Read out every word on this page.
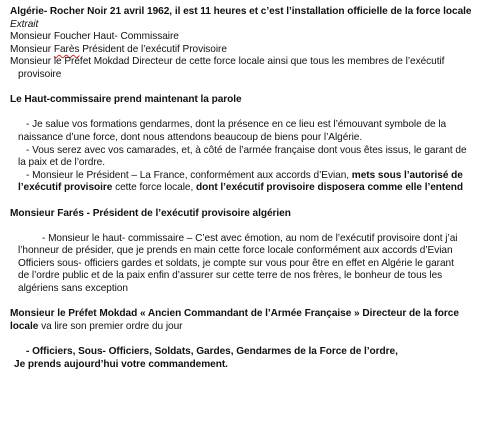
Algérie- Rocher Noir 21 avril 1962, il est 11 heures et c’est l’installation officielle de la force locale
Extrait
Monsieur Foucher Haut- Commissaire
Monsieur Farès Président de l’exécutif Provisoire
Monsieur le Préfet Mokdad Directeur de cette force locale ainsi que tous les membres de l’exécutif
provisoire
Le Haut-commissaire prend maintenant la parole
- Je salue vos formations gendarmes, dont la présence en ce lieu est l’émouvant symbole de la
naissance d’une force, dont nous attendons beaucoup de biens pour l’Algérie.
- Vous serez avec vos camarades, et, à côté de l’armée française dont vous êtes issus, le garant de
la paix et de l’ordre.
- Monsieur le Président – La France, conformément aux accords d’Evian, mets sous l’autorisé de
l’exécutif provisoire cette force locale, dont l’exécutif provisoire disposera comme elle l’entend
Monsieur Farés - Président de l’exécutif provisoire algérien
- Monsieur le haut- commissaire – C’est avec émotion, au nom de l’exécutif provisoire dont j’ai
l’honneur de présider, que je prends en main cette force locale conformément aux accords d’Evian
Officiers sous- officiers gardes et soldats, je compte sur vous pour être en effet en Algérie le garant
de l’ordre public et de la paix enfin d’assurer sur cette terre de nos frères, le bonheur de tous les
algériens sans exception
Monsieur le Préfet Mokdad « Ancien Commandant de l’Armée Française » Directeur de la force
locale va lire son premier ordre du jour
- Officiers, Sous- Officiers, Soldats, Gardes, Gendarmes de la Force de l’ordre,
Je prends aujourd’hui votre commandement.
